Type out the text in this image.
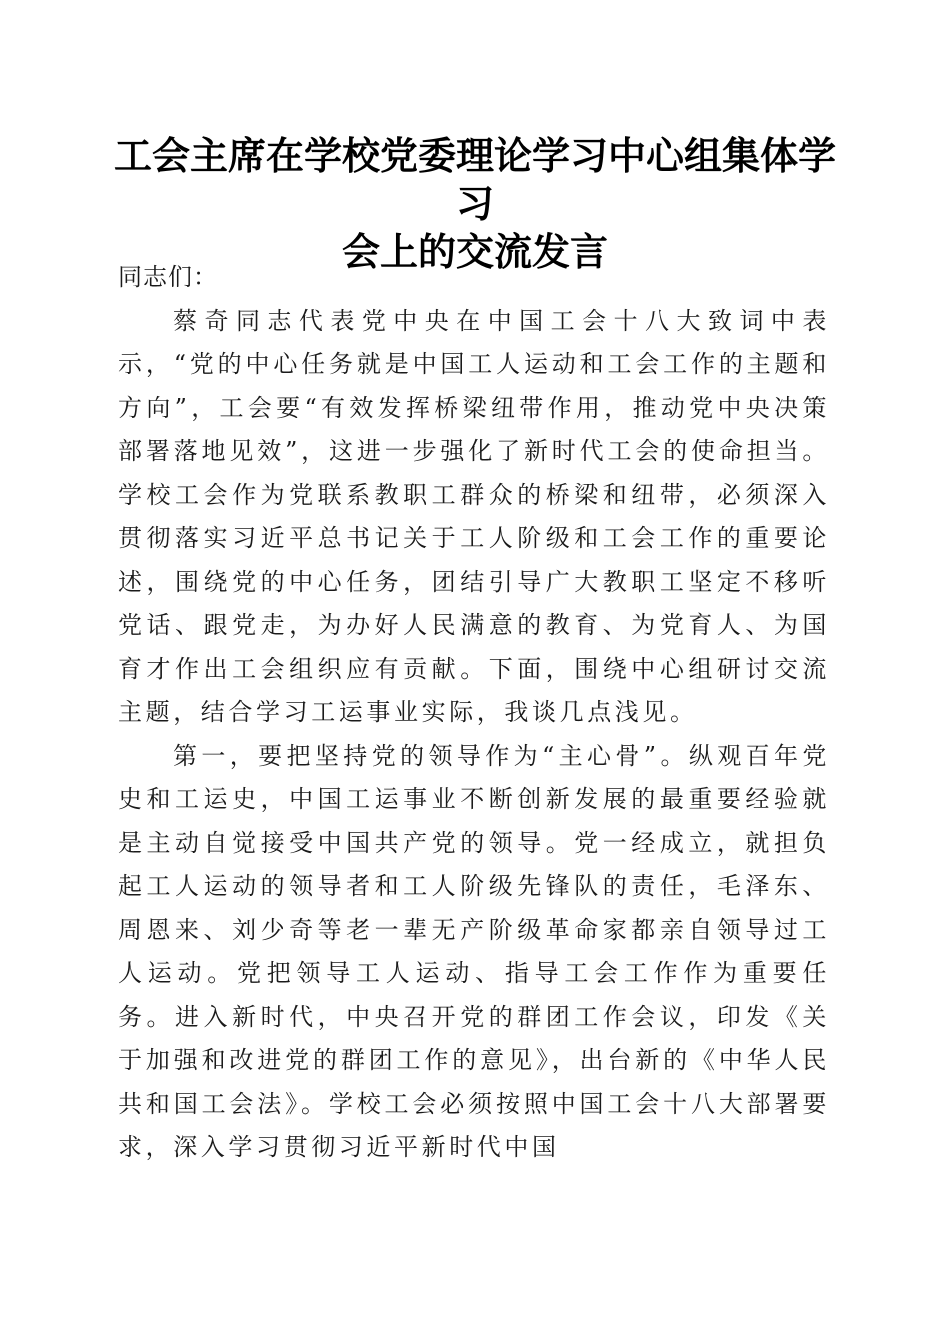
工会主席在学校党委理论学习中心组集体学习
会上的交流发言

同志们：

蔡奇同志代表党中央在中国工会十八大致词中表示，“党的中心任务就是中国工人运动和工会工作的主题和方向”，工会要“有效发挥桥梁纽带作用，推动党中央决策部署落地见效”，这进一步强化了新时代工会的使命担当。学校工会作为党联系教职工群众的桥梁和纽带，必须深入贯彻落实习近平总书记关于工人阶级和工会工作的重要论述，围绕党的中心任务，团结引导广大教职工坚定不移听党话、跟党走，为办好人民满意的教育、为党育人、为国育才作出工会组织应有贡献。下面，围绕中心组研讨交流主题，结合学习工运事业实际，我谈几点浅见。

第一，要把坚持党的领导作为“主心骨”。纵观百年党史和工运史，中国工运事业不断创新发展的最重要经验就是主动自觉接受中国共产党的领导。党一经成立，就担负起工人运动的领导者和工人阶级先锋队的责任，毛泽东、周恩来、刘少奇等老一辈无产阶级革命家都亲自领导过工人运动。党把领导工人运动、指导工会工作作为重要任务。进入新时代，中央召开党的群团工作会议，印发《关于加强和改进党的群团工作的意见》，出台新的《中华人民共和国工会法》。学校工会必须按照中国工会十八大部署要求，深入学习贯彻习近平新时代中国
